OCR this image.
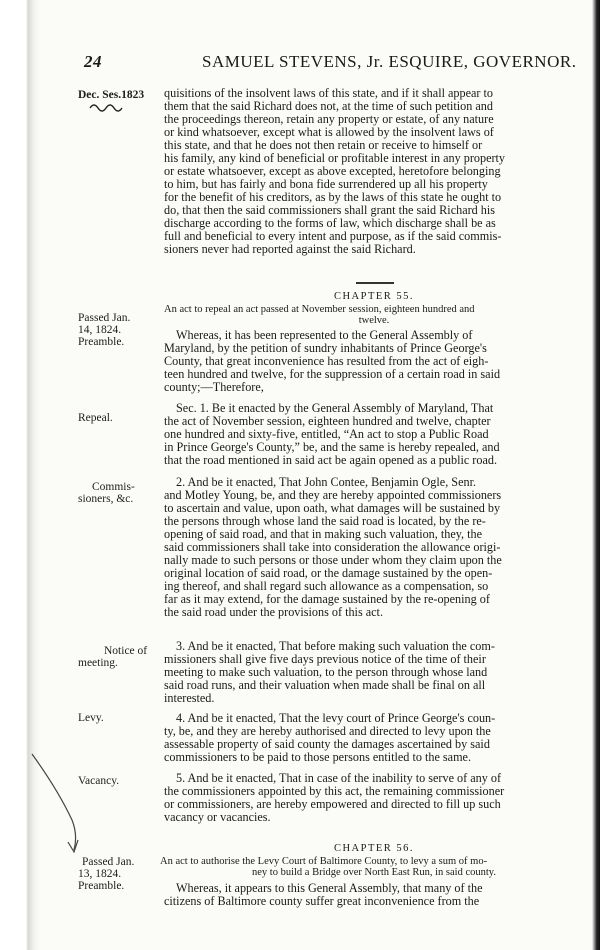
24	SAMUEL STEVENS, Jr. ESQUIRE, GOVERNOR.
Dec. Ses.1823
Passed Jan.
14, 1824.
Preamble.
Repeal.
Commis-
sioners, &c.
Notice of
meeting.
Levy.
Vacancy.
Passed Jan.
13, 1824.
Preamble.
quisitions of the insolvent laws of this state, and if it shall appear to
them that the said Richard does not, at the time of such petition and
the proceedings thereon, retain any property or estate, of any nature
or kind whatsoever, except what is allowed by the insolvent laws of
this state, and that he does not then retain or receive to himself or
his family, any kind of beneficial or profitable interest in any property
or estate whatsoever, except as above excepted, heretofore belonging
to him, but has fairly and bona fide surrendered up all his property
for the benefit of his creditors, as by the laws of this state he ought to
do, that then the said commissioners shall grant the said Richard his
discharge according to the forms of law, which discharge shall be as
full and beneficial to every intent and purpose, as if the said commis-
sioners never had reported against the said Richard.
CHAPTER 55.
An act to repeal an act passed at November session, eighteen hundred and
twelve.
Whereas, it has been represented to the General Assembly of
Maryland, by the petition of sundry inhabitants of Prince George's
County, that great inconvenience has resulted from the act of eigh-
teen hundred and twelve, for the suppression of a certain road in said
county;—Therefore,
Sec. 1. Be it enacted by the General Assembly of Maryland, That
the act of November session, eighteen hundred and twelve, chapter
one hundred and sixty-five, entitled, “An act to stop a Public Road
in Prince George's County,” be, and the same is hereby repealed, and
that the road mentioned in said act be again opened as a public road.
2. And be it enacted, That John Contee, Benjamin Ogle, Senr.
and Motley Young, be, and they are hereby appointed commissioners
to ascertain and value, upon oath, what damages will be sustained by
the persons through whose land the said road is located, by the re-
opening of said road, and that in making such valuation, they, the
said commissioners shall take into consideration the allowance origi-
nally made to such persons or those under whom they claim upon the
original location of said road, or the damage sustained by the open-
ing thereof, and shall regard such allowance as a compensation, so
far as it may extend, for the damage sustained by the re-opening of
the said road under the provisions of this act.
3. And be it enacted, That before making such valuation the com-
missioners shall give five days previous notice of the time of their
meeting to make such valuation, to the person through whose land
said road runs, and their valuation when made shall be final on all
interested.
4. And be it enacted, That the levy court of Prince George's coun-
ty, be, and they are hereby authorised and directed to levy upon the
assessable property of said county the damages ascertained by said
commissioners to be paid to those persons entitled to the same.
5. And be it enacted, That in case of the inability to serve of any of
the commissioners appointed by this act, the remaining commissioner
or commissioners, are hereby empowered and directed to fill up such
vacancy or vacancies.
CHAPTER 56.
An act to authorise the Levy Court of Baltimore County, to levy a sum of mo-
ney to build a Bridge over North East Run, in said county.
Whereas, it appears to this General Assembly, that many of the
citizens of Baltimore county suffer great inconvenience from the
